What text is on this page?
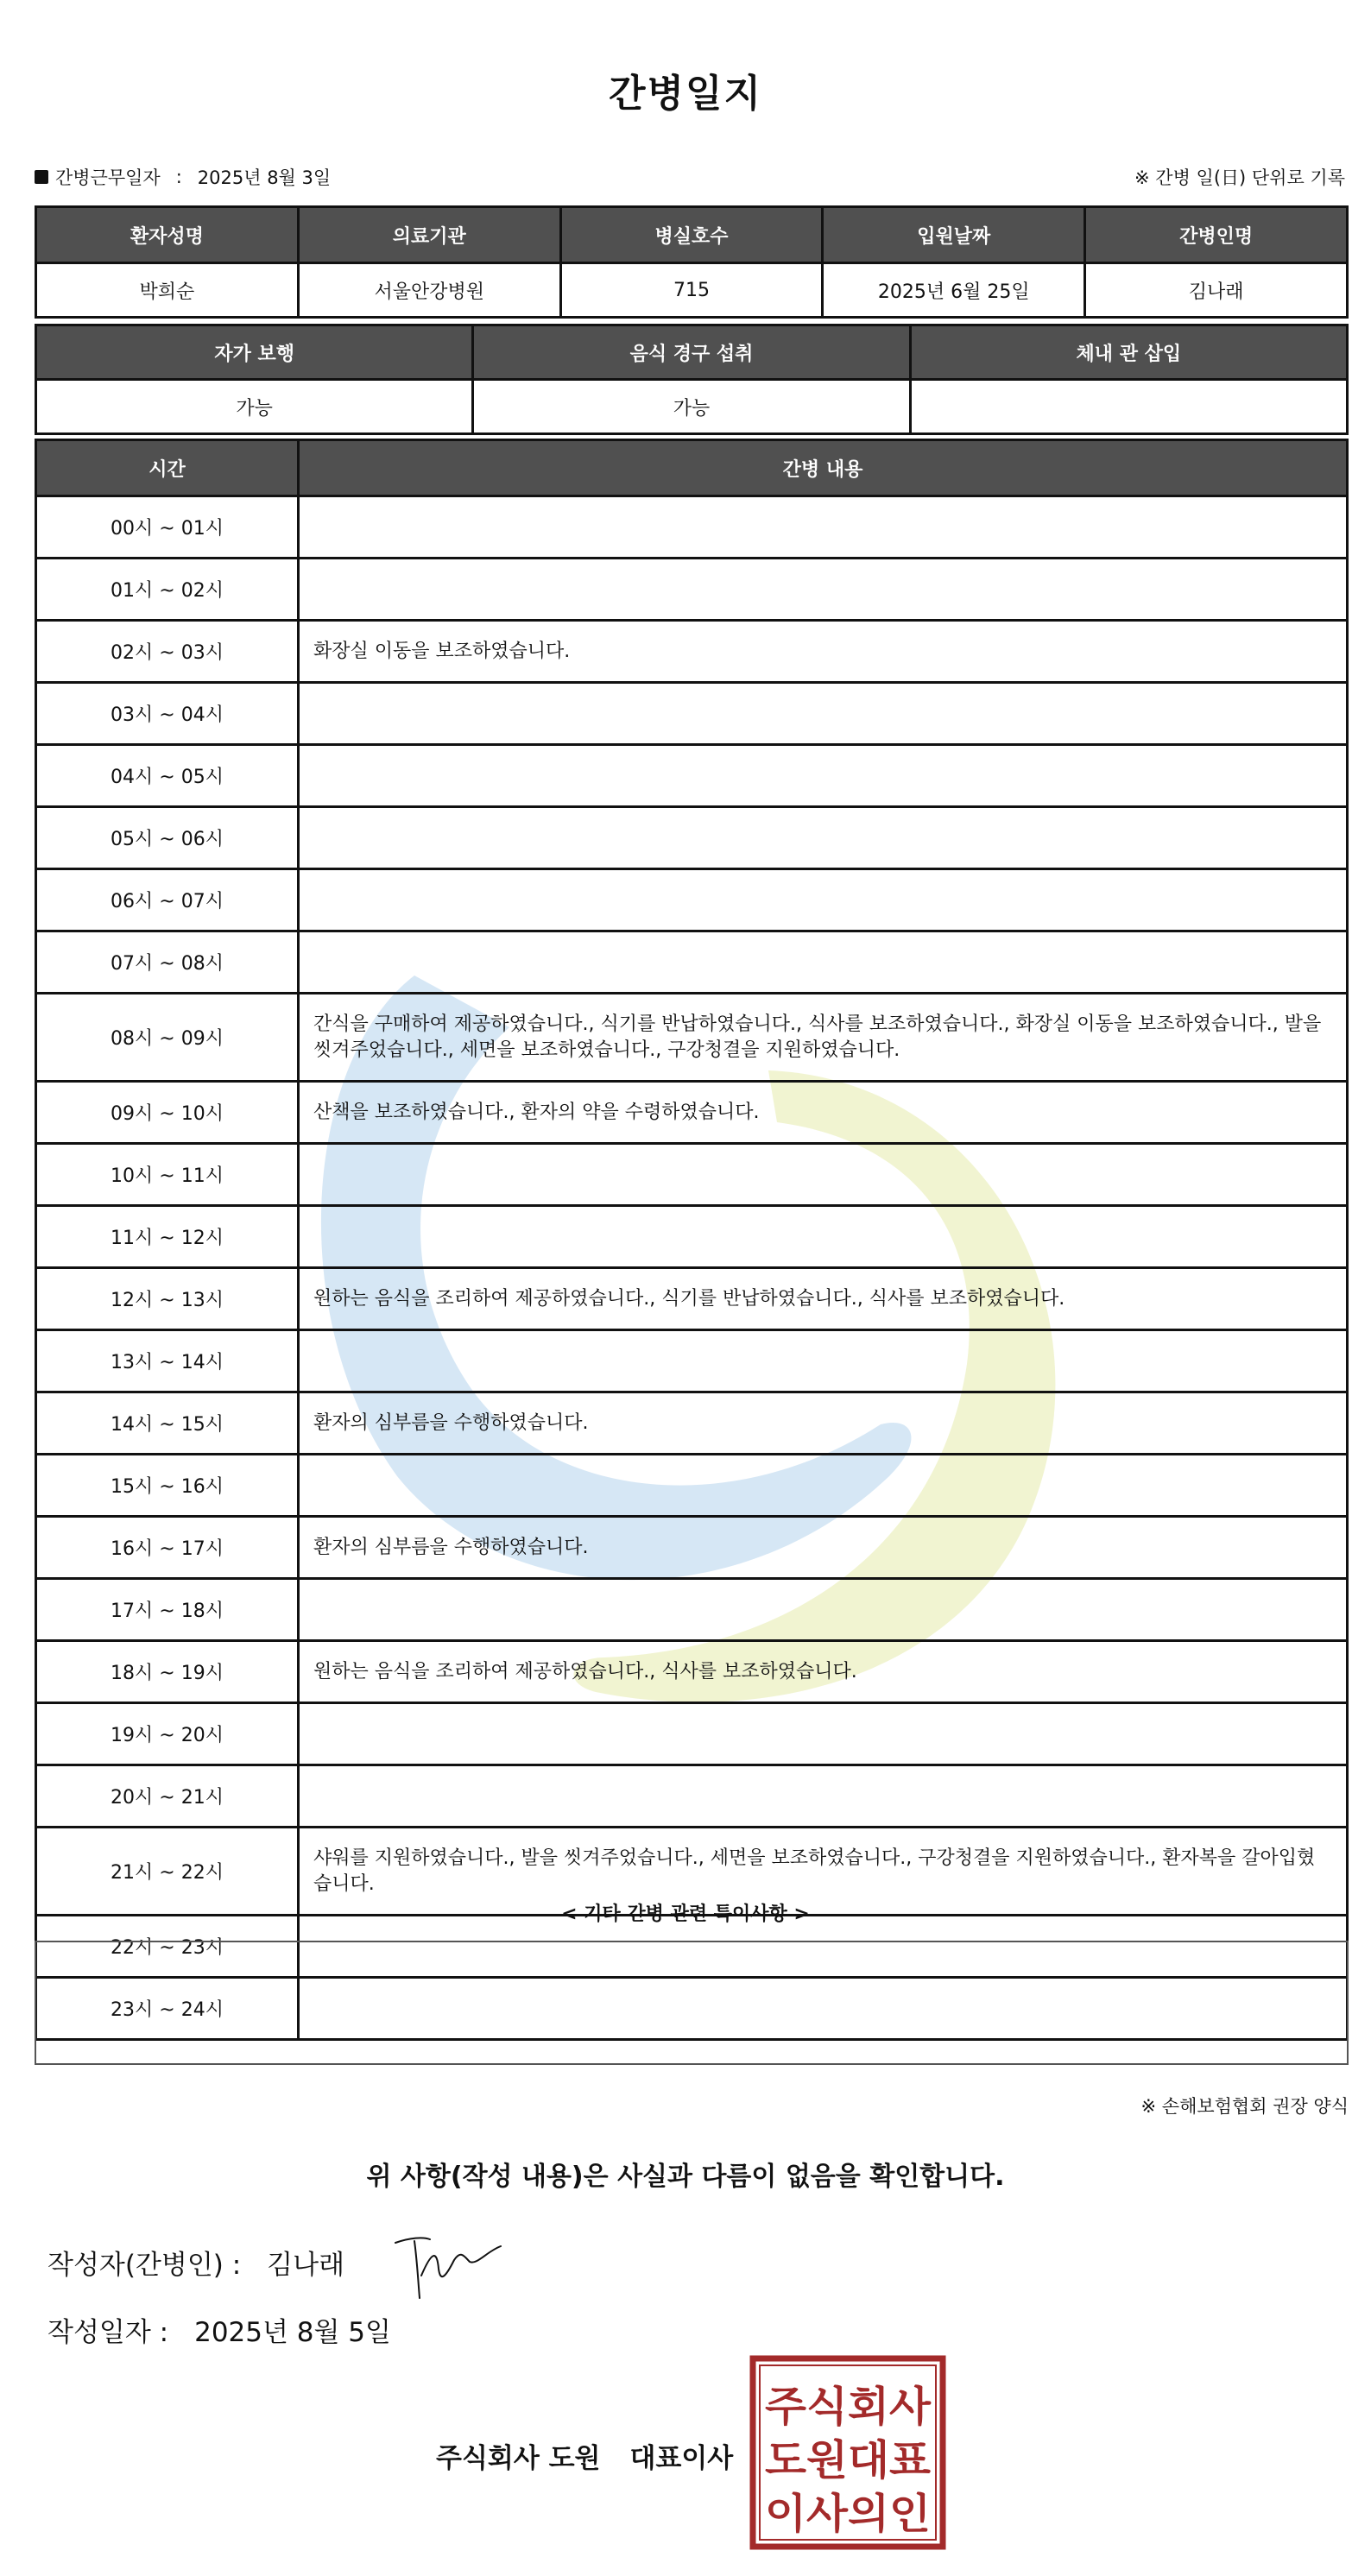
간병일지
간병근무일자 : 2025년 8월 3일	※ 간병 일(日) 단위로 기록
환자성명	의료기관	병실호수	입원날짜	간병인명
박희순	서울안강병원	715	2025년 6월 25일	김나래
자가 보행	음식 경구 섭취	체내 관 삽입
가능	가능	
시간	간병 내용
00시 ~ 01시	
01시 ~ 02시	
02시 ~ 03시	화장실 이동을 보조하였습니다.
03시 ~ 04시	
04시 ~ 05시	
05시 ~ 06시	
06시 ~ 07시	
07시 ~ 08시	
08시 ~ 09시	간식을 구매하여 제공하였습니다., 식기를 반납하였습니다., 식사를 보조하였습니다., 화장실 이동을 보조하였습니다., 발을 씻겨주었습니다., 세면을 보조하였습니다., 구강청결을 지원하였습니다.
09시 ~ 10시	산책을 보조하였습니다., 환자의 약을 수령하였습니다.
10시 ~ 11시	
11시 ~ 12시	
12시 ~ 13시	원하는 음식을 조리하여 제공하였습니다., 식기를 반납하였습니다., 식사를 보조하였습니다.
13시 ~ 14시	
14시 ~ 15시	환자의 심부름을 수행하였습니다.
15시 ~ 16시	
16시 ~ 17시	환자의 심부름을 수행하였습니다.
17시 ~ 18시	
18시 ~ 19시	원하는 음식을 조리하여 제공하였습니다., 식사를 보조하였습니다.
19시 ~ 20시	
20시 ~ 21시	
21시 ~ 22시	샤워를 지원하였습니다., 발을 씻겨주었습니다., 세면을 보조하였습니다., 구강청결을 지원하였습니다., 환자복을 갈아입혔습니다.
22시 ~ 23시	
23시 ~ 24시	
< 기타 간병 관련 특이사항 >
※ 손해보험협회 권장 양식
위 사항(작성 내용)은 사실과 다름이 없음을 확인합니다.
작성자(간병인) : 김나래
작성일자 : 2025년 8월 5일
주식회사 도원 대표이사
주식회사
도원대표
이사의인
